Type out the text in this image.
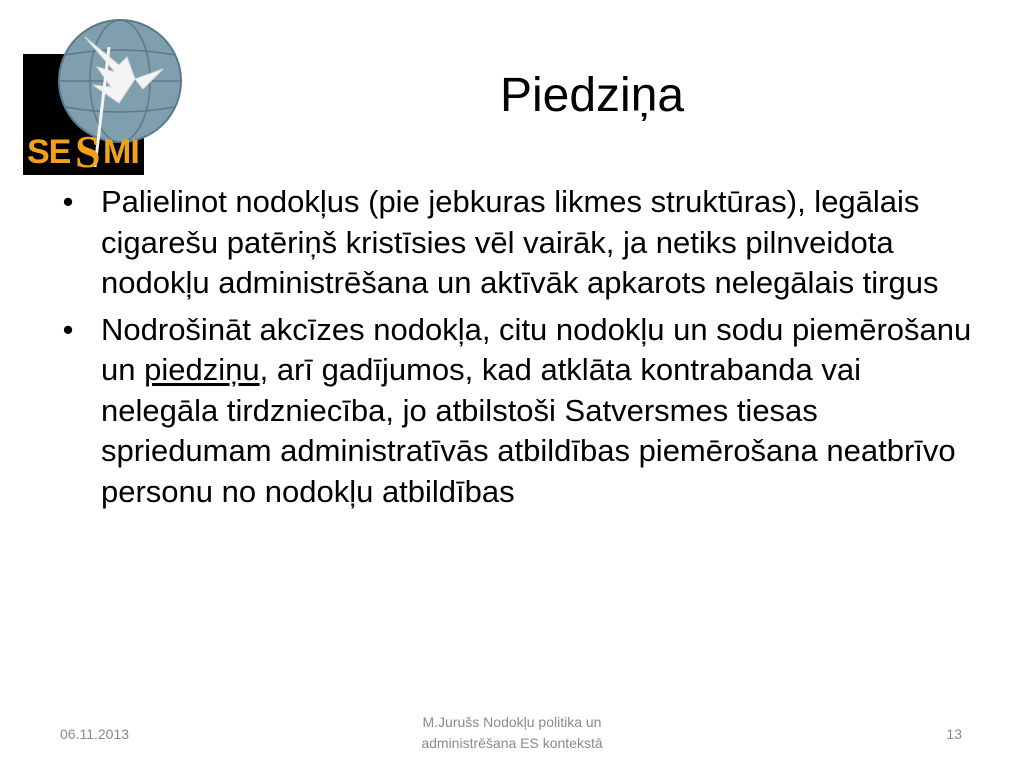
SE S MI
Piedziņa
• Palielinot nodokļus (pie jebkuras likmes struktūras), legālais cigarešu patēriņš kristīsies vēl vairāk, ja netiks pilnveidota nodokļu administrēšana un aktīvāk apkarots nelegālais tirgus
• Nodrošināt akcīzes nodokļa, citu nodokļu un sodu piemērošanu un piedziņu, arī gadījumos, kad atklāta kontrabanda vai nelegāla tirdzniecība, jo atbilstoši Satversmes tiesas spriedumam administratīvās atbildības piemērošana neatbrīvo personu no nodokļu atbildības
06.11.2013
M.Jurušs Nodokļu politika un
administrēšana ES kontekstā
13
